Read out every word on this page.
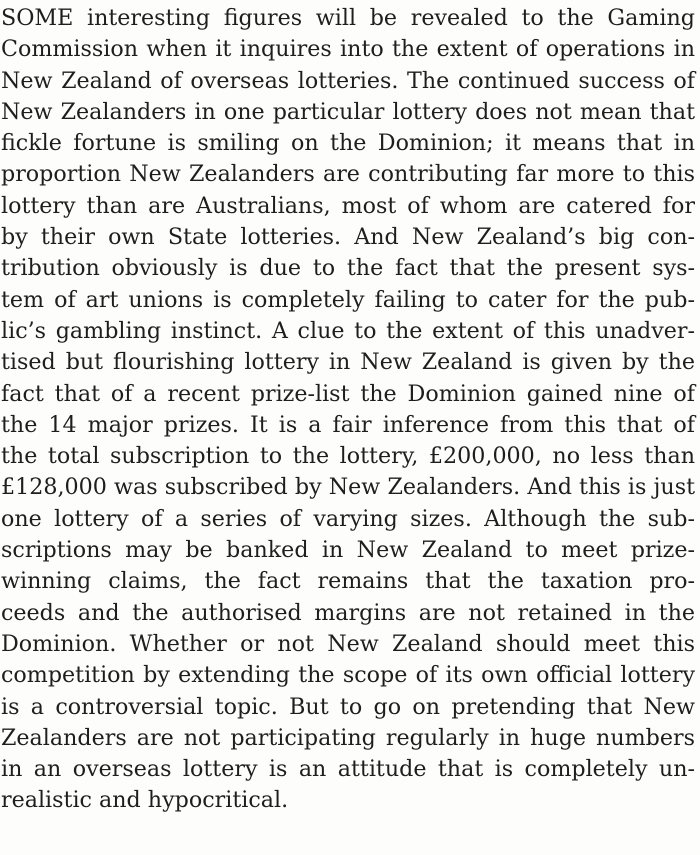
SOME interesting figures will be revealed to the Gaming
Commission when it inquires into the extent of operations in
New Zealand of overseas lotteries. The continued success of
New Zealanders in one particular lottery does not mean that
fickle fortune is smiling on the Dominion; it means that in
proportion New Zealanders are contributing far more to this
lottery than are Australians, most of whom are catered for
by their own State lotteries. And New Zealand’s big con-
tribution obviously is due to the fact that the present sys-
tem of art unions is completely failing to cater for the pub-
lic’s gambling instinct. A clue to the extent of this unadver-
tised but flourishing lottery in New Zealand is given by the
fact that of a recent prize-list the Dominion gained nine of
the 14 major prizes. It is a fair inference from this that of
the total subscription to the lottery, £200,000, no less than
£128,000 was subscribed by New Zealanders. And this is just
one lottery of a series of varying sizes. Although the sub-
scriptions may be banked in New Zealand to meet prize-
winning claims, the fact remains that the taxation pro-
ceeds and the authorised margins are not retained in the
Dominion. Whether or not New Zealand should meet this
competition by extending the scope of its own official lottery
is a controversial topic. But to go on pretending that New
Zealanders are not participating regularly in huge numbers
in an overseas lottery is an attitude that is completely un-
realistic and hypocritical.
